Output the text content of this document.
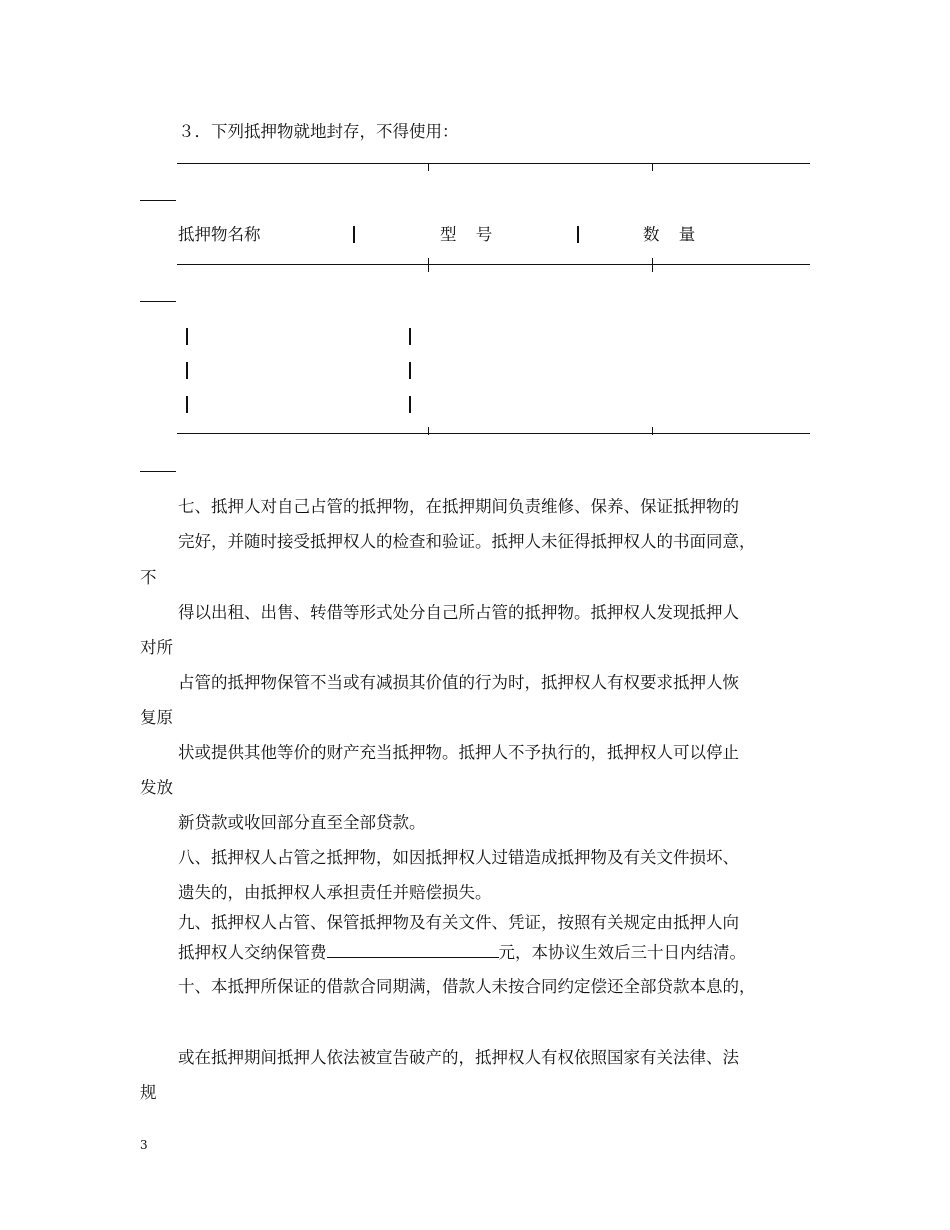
３．下列抵押物就地封存，不得使用：
抵押物名称	型 号	数 量
七、抵押人对自己占管的抵押物，在抵押期间负责维修、保养、保证抵押物的
完好，并随时接受抵押权人的检查和验证。抵押人未征得抵押权人的书面同意，
不
得以出租、出售、转借等形式处分自己所占管的抵押物。抵押权人发现抵押人
对所
占管的抵押物保管不当或有减损其价值的行为时，抵押权人有权要求抵押人恢
复原
状或提供其他等价的财产充当抵押物。抵押人不予执行的，抵押权人可以停止
发放
新贷款或收回部分直至全部贷款。
八、抵押权人占管之抵押物，如因抵押权人过错造成抵押物及有关文件损坏、
遗失的，由抵押权人承担责任并赔偿损失。
九、抵押权人占管、保管抵押物及有关文件、凭证，按照有关规定由抵押人向
抵押权人交纳保管费	元，本协议生效后三十日内结清。
十、本抵押所保证的借款合同期满，借款人未按合同约定偿还全部贷款本息的，
或在抵押期间抵押人依法被宣告破产的，抵押权人有权依照国家有关法律、法
规
3
